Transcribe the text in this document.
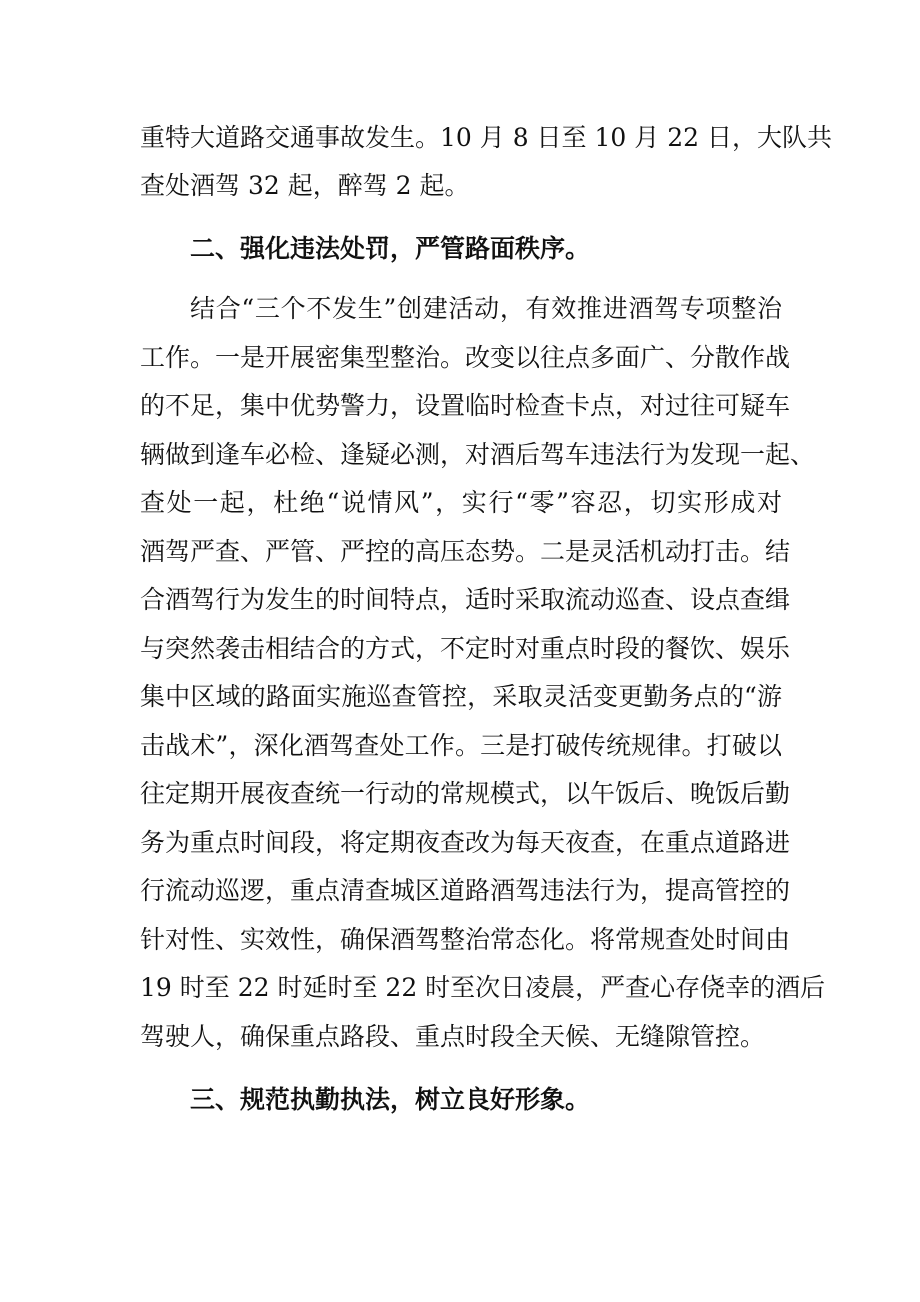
重特大道路交通事故发生。10 月 8 日至 10 月 22 日，大队共
查处酒驾 32 起，醉驾 2 起。
二、强化违法处罚，严管路面秩序。
结合“三个不发生”创建活动，有效推进酒驾专项整治
工作。一是开展密集型整治。改变以往点多面广、分散作战
的不足，集中优势警力，设置临时检查卡点，对过往可疑车
辆做到逢车必检、逢疑必测，对酒后驾车违法行为发现一起、
查处一起，杜绝“说情风”，实行“零”容忍，切实形成对
酒驾严查、严管、严控的高压态势。二是灵活机动打击。结
合酒驾行为发生的时间特点，适时采取流动巡查、设点查缉
与突然袭击相结合的方式，不定时对重点时段的餐饮、娱乐
集中区域的路面实施巡查管控，采取灵活变更勤务点的“游
击战术”，深化酒驾查处工作。三是打破传统规律。打破以
往定期开展夜查统一行动的常规模式，以午饭后、晚饭后勤
务为重点时间段，将定期夜查改为每天夜查，在重点道路进
行流动巡逻，重点清查城区道路酒驾违法行为，提高管控的
针对性、实效性，确保酒驾整治常态化。将常规查处时间由
19 时至 22 时延时至 22 时至次日凌晨，严查心存侥幸的酒后
驾驶人，确保重点路段、重点时段全天候、无缝隙管控。
三、规范执勤执法，树立良好形象。
